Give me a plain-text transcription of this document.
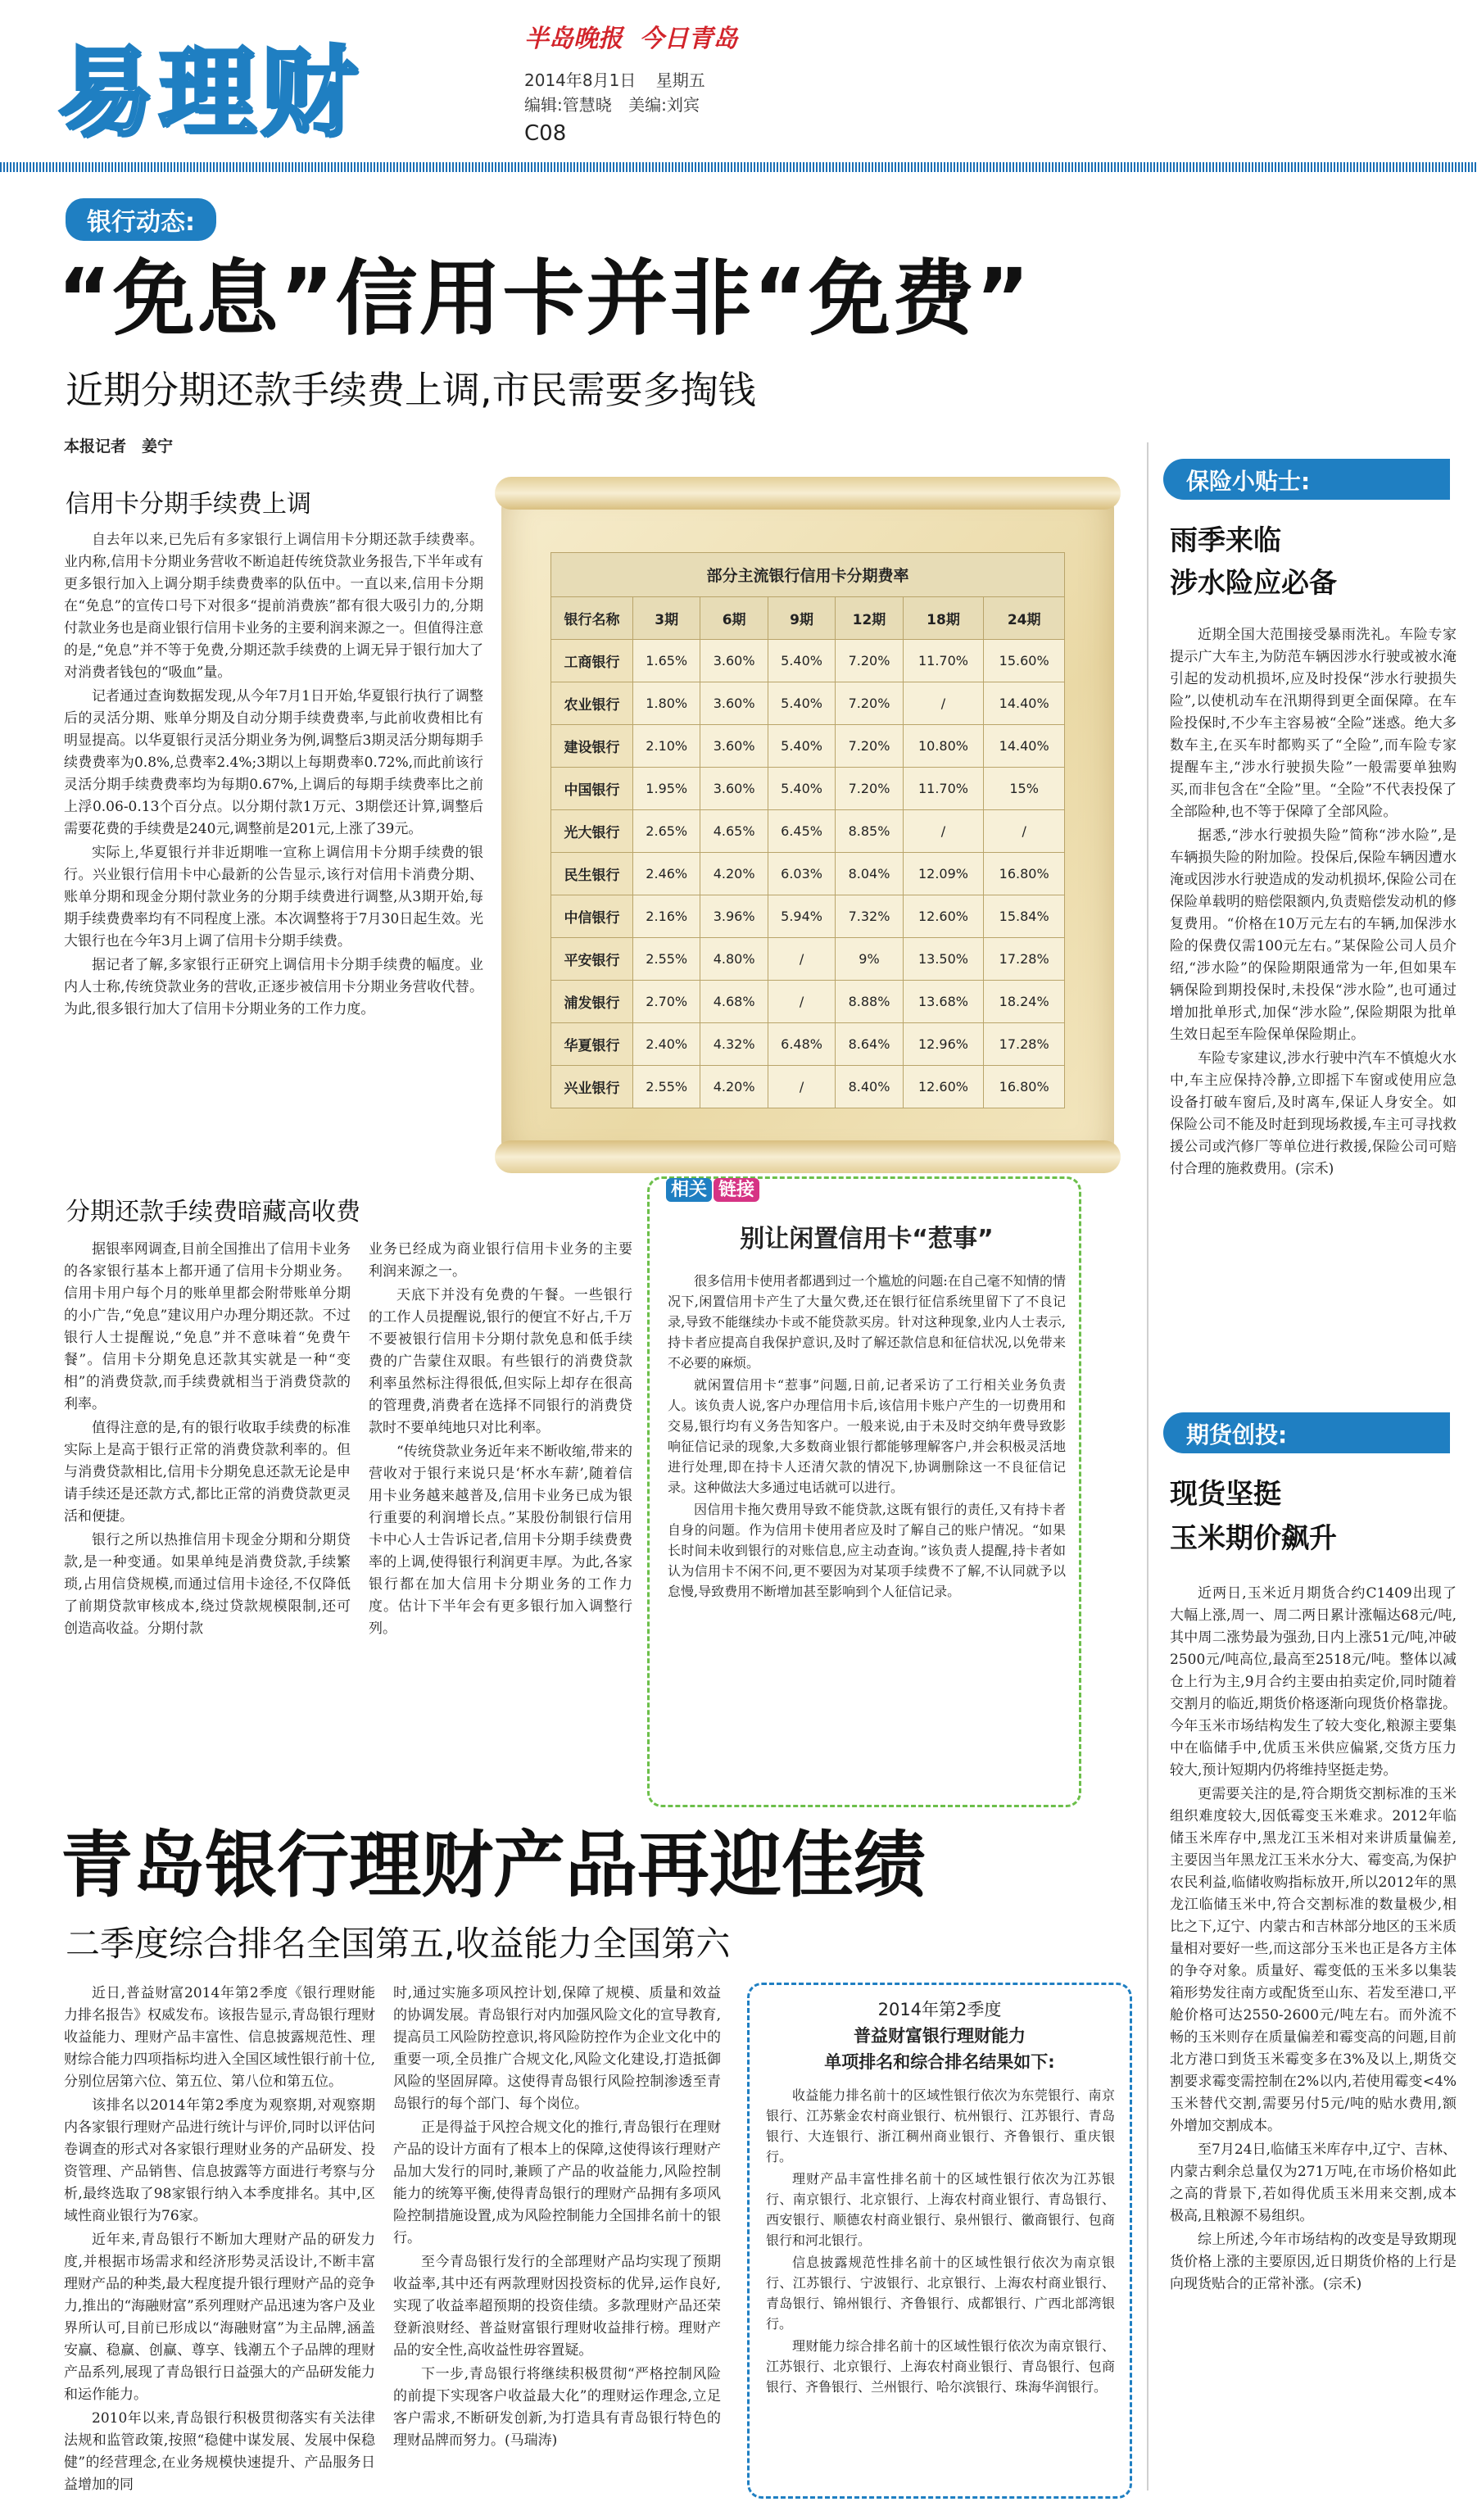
易理财	半岛晚报 今日青岛
2014年8月1日 星期五
编辑:管慧晓 美编:刘宾
C08
银行动态:
“免息”信用卡并非“免费”
近期分期还款手续费上调,市民需要多掏钱
本报记者　姜宁
信用卡分期手续费上调

自去年以来,已先后有多家银行上调信用卡分期还款手续费率。业内称,信用卡分期业务营收不断追赶传统贷款业务报告,下半年或有更多银行加入上调分期手续费费率的队伍中。一直以来,信用卡分期在“免息”的宣传口号下对很多“提前消费族”都有很大吸引力的,分期付款业务也是商业银行信用卡业务的主要利润来源之一。但值得注意的是,“免息”并不等于免费,分期还款手续费的上调无异于银行加大了对消费者钱包的“吸血”量。

记者通过查询数据发现,从今年7月1日开始,华夏银行执行了调整后的灵活分期、账单分期及自动分期手续费费率,与此前收费相比有明显提高。以华夏银行灵活分期业务为例,调整后3期灵活分期每期手续费费率为0.8%,总费率2.4%;3期以上每期费率0.72%,而此前该行灵活分期手续费费率均为每期0.67%,上调后的每期手续费率比之前上浮0.06-0.13个百分点。以分期付款1万元、3期偿还计算,调整后需要花费的手续费是240元,调整前是201元,上涨了39元。

实际上,华夏银行并非近期唯一宣称上调信用卡分期手续费的银行。兴业银行信用卡中心最新的公告显示,该行对信用卡消费分期、账单分期和现金分期付款业务的分期手续费进行调整,从3期开始,每期手续费费率均有不同程度上涨。本次调整将于7月30日起生效。光大银行也在今年3月上调了信用卡分期手续费。

据记者了解,多家银行正研究上调信用卡分期手续费的幅度。业内人士称,传统贷款业务的营收,正逐步被信用卡分期业务营收代替。为此,很多银行加大了信用卡分期业务的工作力度。

部分主流银行信用卡分期费率						
银行名称	3期	6期	9期	12期	18期	24期
工商银行	1.65%	3.60%	5.40%	7.20%	11.70%	15.60%
农业银行	1.80%	3.60%	5.40%	7.20%	/	14.40%
建设银行	2.10%	3.60%	5.40%	7.20%	10.80%	14.40%
中国银行	1.95%	3.60%	5.40%	7.20%	11.70%	15%
光大银行	2.65%	4.65%	6.45%	8.85%	/	/
民生银行	2.46%	4.20%	6.03%	8.04%	12.09%	16.80%
中信银行	2.16%	3.96%	5.94%	7.32%	12.60%	15.84%
平安银行	2.55%	4.80%	/	9%	13.50%	17.28%
浦发银行	2.70%	4.68%	/	8.88%	13.68%	18.24%
华夏银行	2.40%	4.32%	6.48%	8.64%	12.96%	17.28%
兴业银行	2.55%	4.20%	/	8.40%	12.60%	16.80%
分期还款手续费暗藏高收费

据银率网调查,目前全国推出了信用卡业务的各家银行基本上都开通了信用卡分期业务。信用卡用户每个月的账单里都会附带账单分期的小广告,“免息”建议用户办理分期还款。不过银行人士提醒说,“免息”并不意味着“免费午餐”。信用卡分期免息还款其实就是一种“变相”的消费贷款,而手续费就相当于消费贷款的利率。

值得注意的是,有的银行收取手续费的标准实际上是高于银行正常的消费贷款利率的。但与消费贷款相比,信用卡分期免息还款无论是申请手续还是还款方式,都比正常的消费贷款更灵活和便捷。

银行之所以热推信用卡现金分期和分期贷款,是一种变通。如果单纯是消费贷款,手续繁琐,占用信贷规模,而通过信用卡途径,不仅降低了前期贷款审核成本,绕过贷款规模限制,还可创造高收益。分期付款

业务已经成为商业银行信用卡业务的主要利润来源之一。

天底下并没有免费的午餐。一些银行的工作人员提醒说,银行的便宜不好占,千万不要被银行信用卡分期付款免息和低手续费的广告蒙住双眼。有些银行的消费贷款利率虽然标注得很低,但实际上却存在很高的管理费,消费者在选择不同银行的消费贷款时不要单纯地只对比利率。

“传统贷款业务近年来不断收缩,带来的营收对于银行来说只是‘杯水车薪’,随着信用卡业务越来越普及,信用卡业务已成为银行重要的利润增长点。”某股份制银行信用卡中心人士告诉记者,信用卡分期手续费费率的上调,使得银行利润更丰厚。为此,各家银行都在加大信用卡分期业务的工作力度。估计下半年会有更多银行加入调整行列。

相关 链接
别让闲置信用卡“惹事”

很多信用卡使用者都遇到过一个尴尬的问题:在自己毫不知情的情况下,闲置信用卡产生了大量欠费,还在银行征信系统里留下了不良记录,导致不能继续办卡或不能贷款买房。针对这种现象,业内人士表示,持卡者应提高自我保护意识,及时了解还款信息和征信状况,以免带来不必要的麻烦。

就闲置信用卡“惹事”问题,日前,记者采访了工行相关业务负责人。该负责人说,客户办理信用卡后,该信用卡账户产生的一切费用和交易,银行均有义务告知客户。一般来说,由于未及时交纳年费导致影响征信记录的现象,大多数商业银行都能够理解客户,并会积极灵活地进行处理,即在持卡人还清欠款的情况下,协调删除这一不良征信记录。这种做法大多通过电话就可以进行。

因信用卡拖欠费用导致不能贷款,这既有银行的责任,又有持卡者自身的问题。作为信用卡使用者应及时了解自己的账户情况。“如果长时间未收到银行的对账信息,应主动查询。”该负责人提醒,持卡者如认为信用卡不闲不问,更不要因为对某项手续费不了解,不认同就予以怠慢,导致费用不断增加甚至影响到个人征信记录。

保险小贴士:
雨季来临
涉水险应必备

近期全国大范围接受暴雨洗礼。车险专家提示广大车主,为防范车辆因涉水行驶或被水淹引起的发动机损坏,应及时投保“涉水行驶损失险”,以使机动车在汛期得到更全面保障。在车险投保时,不少车主容易被“全险”迷惑。绝大多数车主,在买车时都购买了“全险”,而车险专家提醒车主,“涉水行驶损失险”一般需要单独购买,而非包含在“全险”里。“全险”不代表投保了全部险种,也不等于保障了全部风险。

据悉,“涉水行驶损失险”简称“涉水险”,是车辆损失险的附加险。投保后,保险车辆因遭水淹或因涉水行驶造成的发动机损坏,保险公司在保险单载明的赔偿限额内,负责赔偿发动机的修复费用。“价格在10万元左右的车辆,加保涉水险的保费仅需100元左右。”某保险公司人员介绍,“涉水险”的保险期限通常为一年,但如果车辆保险到期投保时,未投保“涉水险”,也可通过增加批单形式,加保“涉水险”,保险期限为批单生效日起至车险保单保险期止。

车险专家建议,涉水行驶中汽车不慎熄火水中,车主应保持冷静,立即摇下车窗或使用应急设备打破车窗后,及时离车,保证人身安全。如保险公司不能及时赶到现场救援,车主可寻找救援公司或汽修厂等单位进行救援,保险公司可赔付合理的施救费用。(宗禾)

期货创投:
现货坚挺
玉米期价飙升

近两日,玉米近月期货合约C1409出现了大幅上涨,周一、周二两日累计涨幅达68元/吨,其中周二涨势最为强劲,日内上涨51元/吨,冲破2500元/吨高位,最高至2518元/吨。整体以减仓上行为主,9月合约主要由拍卖定价,同时随着交割月的临近,期货价格逐渐向现货价格靠拢。今年玉米市场结构发生了较大变化,粮源主要集中在临储手中,优质玉米供应偏紧,交货方压力较大,预计短期内仍将维持坚挺走势。

更需要关注的是,符合期货交割标准的玉米组织难度较大,因低霉变玉米难求。2012年临储玉米库存中,黑龙江玉米相对来讲质量偏差,主要因当年黑龙江玉米水分大、霉变高,为保护农民利益,临储收购指标放开,所以2012年的黑龙江临储玉米中,符合交割标准的数量极少,相比之下,辽宁、内蒙古和吉林部分地区的玉米质量相对要好一些,而这部分玉米也正是各方主体的争夺对象。质量好、霉变低的玉米多以集装箱形势发往南方或配货至山东、若发至港口,平舱价格可达2550-2600元/吨左右。而外流不畅的玉米则存在质量偏差和霉变高的问题,目前北方港口到货玉米霉变多在3%及以上,期货交割要求霉变需控制在2%以内,若使用霉变<4%玉米替代交割,需要另付5元/吨的贴水费用,额外增加交割成本。

至7月24日,临储玉米库存中,辽宁、吉林、内蒙古剩余总量仅为271万吨,在市场价格如此之高的背景下,若如得优质玉米用来交割,成本极高,且粮源不易组织。

综上所述,今年市场结构的改变是导致期现货价格上涨的主要原因,近日期货价格的上行是向现货贴合的正常补涨。(宗禾)

青岛银行理财产品再迎佳绩
二季度综合排名全国第五,收益能力全国第六

近日,普益财富2014年第2季度《银行理财能力排名报告》权威发布。该报告显示,青岛银行理财收益能力、理财产品丰富性、信息披露规范性、理财综合能力四项指标均进入全国区域性银行前十位,分别位居第六位、第五位、第八位和第五位。

该排名以2014年第2季度为观察期,对观察期内各家银行理财产品进行统计与评价,同时以评估问卷调查的形式对各家银行理财业务的产品研发、投资管理、产品销售、信息披露等方面进行考察与分析,最终选取了98家银行纳入本季度排名。其中,区域性商业银行为76家。

近年来,青岛银行不断加大理财产品的研发力度,并根据市场需求和经济形势灵活设计,不断丰富理财产品的种类,最大程度提升银行理财产品的竞争力,推出的“海融财富”系列理财产品迅速为客户及业界所认可,目前已形成以“海融财富”为主品牌,涵盖安赢、稳赢、创赢、尊享、钱潮五个子品牌的理财产品系列,展现了青岛银行日益强大的产品研发能力和运作能力。

2010年以来,青岛银行积极贯彻落实有关法律法规和监管政策,按照“稳健中谋发展、发展中保稳健”的经营理念,在业务规模快速提升、产品服务日益增加的同

时,通过实施多项风控计划,保障了规模、质量和效益的协调发展。青岛银行对内加强风险文化的宣导教育,提高员工风险防控意识,将风险防控作为企业文化中的重要一项,全员推广合规文化,风险文化建设,打造抵御风险的坚固屏障。这使得青岛银行风险控制渗透至青岛银行的每个部门、每个岗位。

正是得益于风控合规文化的推行,青岛银行在理财产品的设计方面有了根本上的保障,这使得该行理财产品加大发行的同时,兼顾了产品的收益能力,风险控制能力的统筹平衡,使得青岛银行的理财产品拥有多项风险控制措施设置,成为风险控制能力全国排名前十的银行。

至今青岛银行发行的全部理财产品均实现了预期收益率,其中还有两款理财因投资标的优异,运作良好,实现了收益率超预期的投资佳绩。多款理财产品还荣登新浪财经、普益财富银行理财收益排行榜。理财产品的安全性,高收益性毋容置疑。

下一步,青岛银行将继续积极贯彻“严格控制风险的前提下实现客户收益最大化”的理财运作理念,立足客户需求,不断研发创新,为打造具有青岛银行特色的理财品牌而努力。(马瑞涛)

2014年第2季度
普益财富银行理财能力
单项排名和综合排名结果如下:

收益能力排名前十的区域性银行依次为东莞银行、南京银行、江苏紫金农村商业银行、杭州银行、江苏银行、青岛银行、大连银行、浙江稠州商业银行、齐鲁银行、重庆银行。

理财产品丰富性排名前十的区域性银行依次为江苏银行、南京银行、北京银行、上海农村商业银行、青岛银行、西安银行、顺德农村商业银行、泉州银行、徽商银行、包商银行和河北银行。

信息披露规范性排名前十的区域性银行依次为南京银行、江苏银行、宁波银行、北京银行、上海农村商业银行、青岛银行、锦州银行、齐鲁银行、成都银行、广西北部湾银行。

理财能力综合排名前十的区域性银行依次为南京银行、江苏银行、北京银行、上海农村商业银行、青岛银行、包商银行、齐鲁银行、兰州银行、哈尔滨银行、珠海华润银行。
